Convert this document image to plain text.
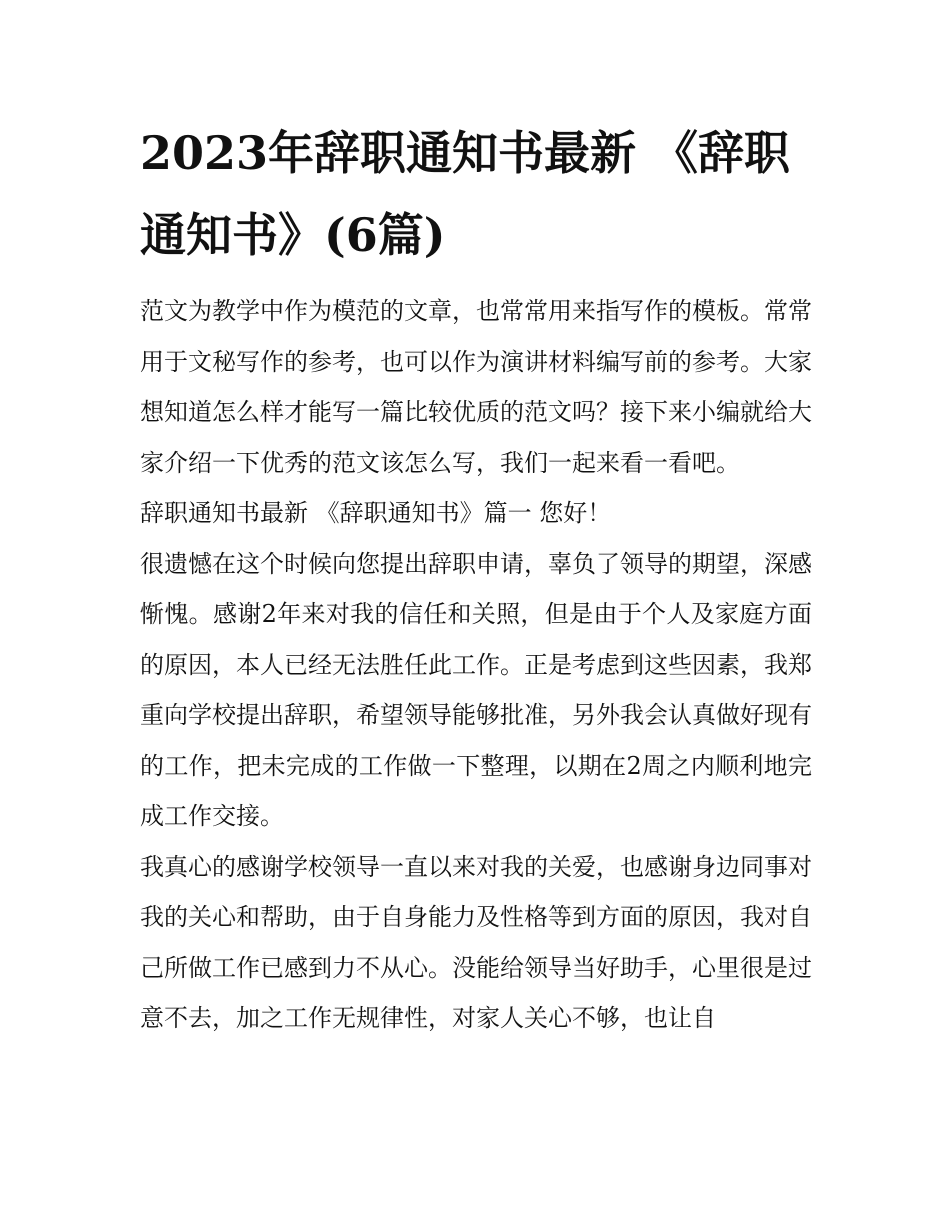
2023年辞职通知书最新 《辞职通知书》(6篇)

范文为教学中作为模范的文章，也常常用来指写作的模板。常常用于文秘写作的参考，也可以作为演讲材料编写前的参考。大家想知道怎么样才能写一篇比较优质的范文吗？接下来小编就给大家介绍一下优秀的范文该怎么写，我们一起来看一看吧。

辞职通知书最新 《辞职通知书》篇一 您好！

很遗憾在这个时候向您提出辞职申请，辜负了领导的期望，深感惭愧。感谢2年来对我的信任和关照，但是由于个人及家庭方面的原因，本人已经无法胜任此工作。正是考虑到这些因素，我郑重向学校提出辞职，希望领导能够批准，另外我会认真做好现有的工作，把未完成的工作做一下整理，以期在2周之内顺利地完成工作交接。

我真心的感谢学校领导一直以来对我的关爱，也感谢身边同事对我的关心和帮助，由于自身能力及性格等到方面的原因，我对自己所做工作已感到力不从心。没能给领导当好助手，心里很是过意不去，加之工作无规律性，对家人关心不够，也让自
